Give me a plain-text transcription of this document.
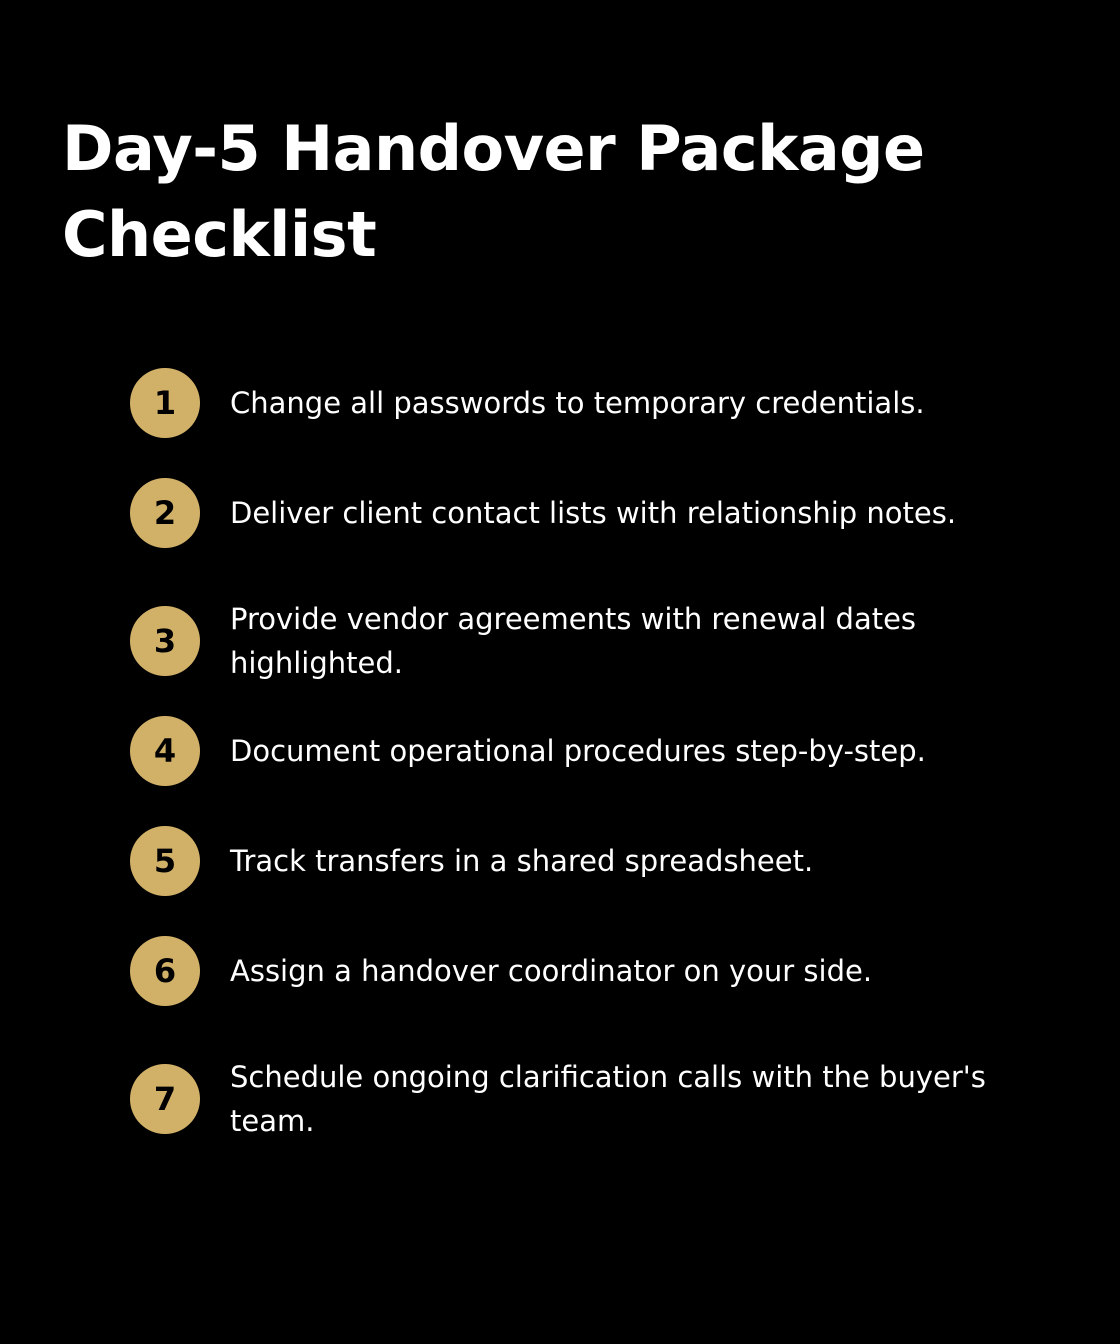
Day-5 Handover Package Checklist
1	Change all passwords to temporary credentials.
2	Deliver client contact lists with relationship notes.
3
Provide vendor agreements with renewal dates highlighted.
4	Document operational procedures step-by-step.
5	Track transfers in a shared spreadsheet.
6	Assign a handover coordinator on your side.
7
Schedule ongoing clarification calls with the buyer's team.
